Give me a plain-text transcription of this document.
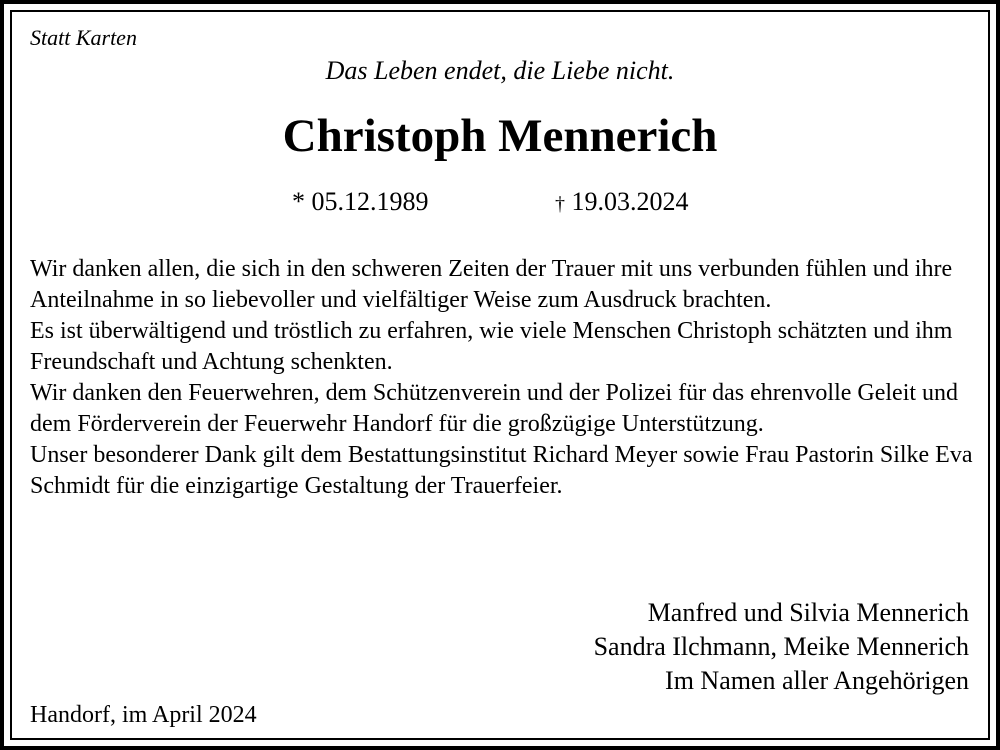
Statt Karten
Das Leben endet, die Liebe nicht.
Christoph Mennerich
* 05.12.1989	† 19.03.2024

Wir danken allen, die sich in den schweren Zeiten der Trauer mit uns verbunden fühlen und ihre Anteilnahme in so liebevoller und vielfältiger Weise zum Ausdruck brachten.

Es ist überwältigend und tröstlich zu erfahren, wie viele Menschen Christoph schätzten und ihm Freundschaft und Achtung schenkten.

Wir danken den Feuerwehren, dem Schützenverein und der Polizei für das ehrenvolle Geleit und dem Förderverein der Feuerwehr Handorf für die großzügige Unterstützung.

Unser besonderer Dank gilt dem Bestattungsinstitut Richard Meyer sowie Frau Pastorin Silke Eva Schmidt für die einzigartige Gestaltung der Trauerfeier.

Manfred und Silvia Mennerich
Sandra Ilchmann, Meike Mennerich
Im Namen aller Angehörigen
Handorf, im April 2024
